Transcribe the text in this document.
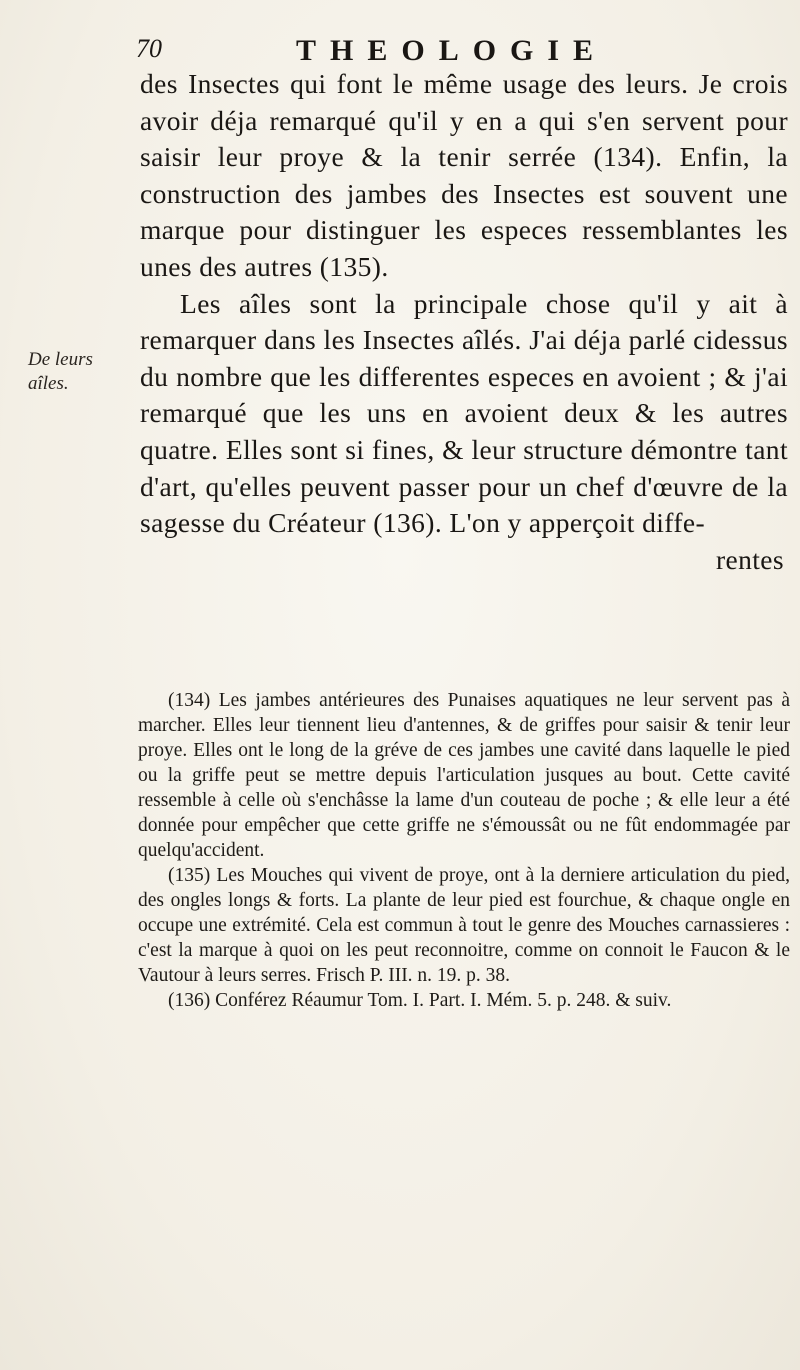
70	THEOLOGIE
De leurs aîles.

des Insectes qui font le même usage des leurs. Je crois avoir déja remarqué qu'il y en a qui s'en servent pour saisir leur proye & la tenir serrée (134). Enfin, la construction des jambes des Insectes est souvent une marque pour distinguer les especes ressemblantes les unes des autres (135).

Les aîles sont la principale chose qu'il y ait à remarquer dans les Insectes aîlés. J'ai déja parlé cidessus du nombre que les differentes especes en avoient ; & j'ai remarqué que les uns en avoient deux & les autres quatre. Elles sont si fines, & leur structure démontre tant d'art, qu'elles peuvent passer pour un chef d'œuvre de la sagesse du Créateur (136). L'on y apperçoit diffe-

rentes

(134) Les jambes antérieures des Punaises aquatiques ne leur servent pas à marcher. Elles leur tiennent lieu d'antennes, & de griffes pour saisir & tenir leur proye. Elles ont le long de la gréve de ces jambes une cavité dans laquelle le pied ou la griffe peut se mettre depuis l'articulation jusques au bout. Cette cavité ressemble à celle où s'enchâsse la lame d'un couteau de poche ; & elle leur a été donnée pour empêcher que cette griffe ne s'émoussât ou ne fût endommagée par quelqu'accident.

(135) Les Mouches qui vivent de proye, ont à la derniere articulation du pied, des ongles longs & forts. La plante de leur pied est fourchue, & chaque ongle en occupe une extrémité. Cela est commun à tout le genre des Mouches carnassieres : c'est la marque à quoi on les peut reconnoitre, comme on connoit le Faucon & le Vautour à leurs serres. Frisch P. III. n. 19. p. 38.

(136) Conférez Réaumur Tom. I. Part. I. Mém. 5. p. 248. & suiv.
